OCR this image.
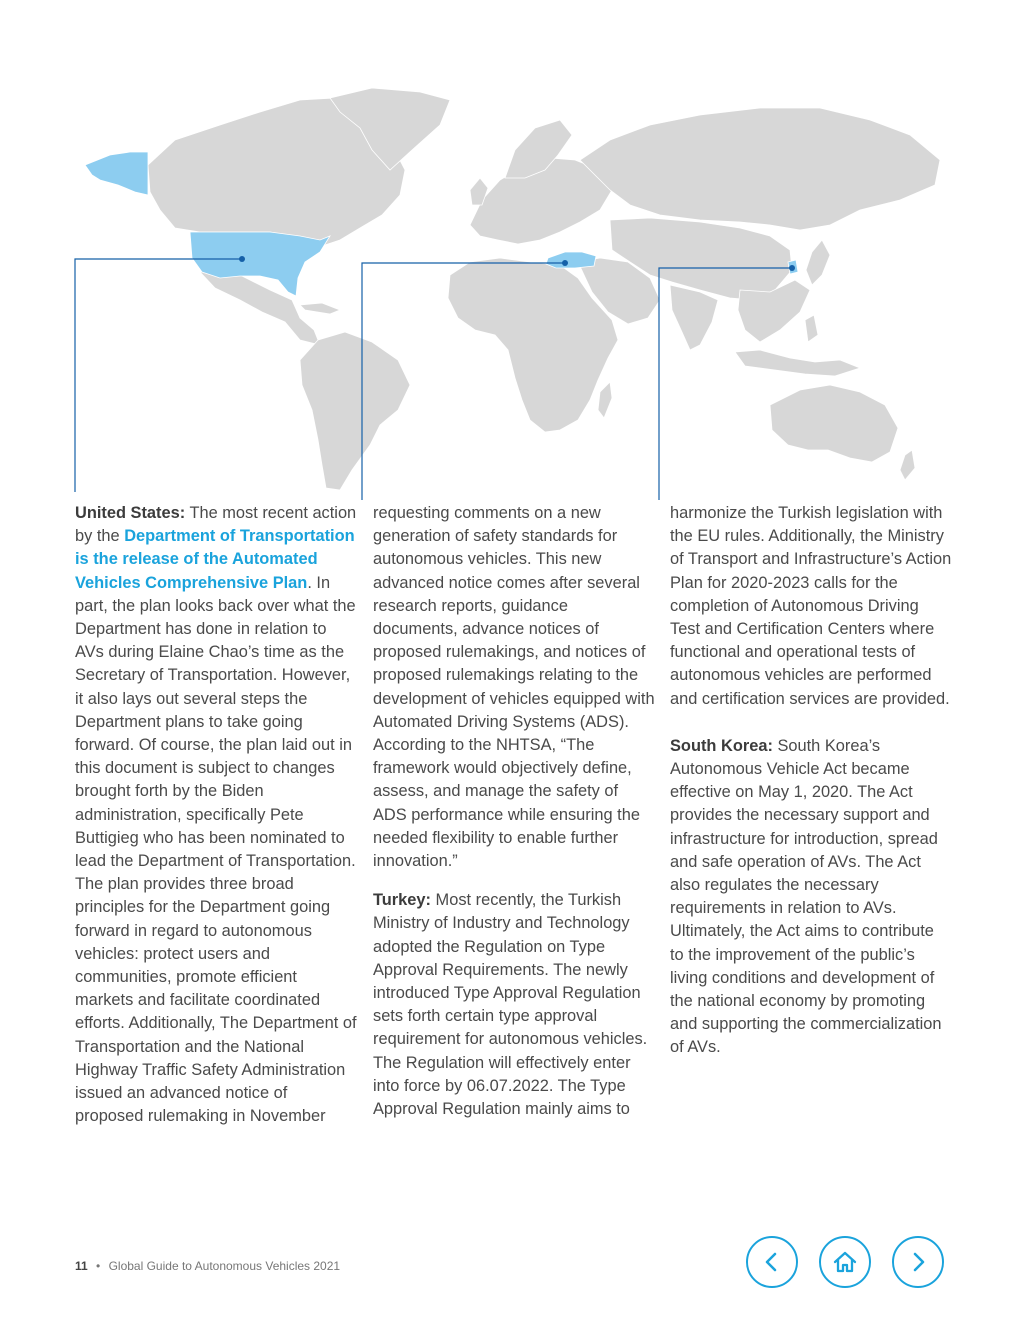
United States: The most recent action by the Department of Transportation is the release of the Automated Vehicles Comprehensive Plan. In part, the plan looks back over what the Department has done in relation to AVs during Elaine Chao’s time as the Secretary of Transportation. However, it also lays out several steps the Department plans to take going forward. Of course, the plan laid out in this document is subject to changes brought forth by the Biden administration, specifically Pete Buttigieg who has been nominated to lead the Department of Transportation. The plan provides three broad principles for the Department going forward in regard to autonomous vehicles: protect users and communities, promote efficient markets and facilitate coordinated efforts. Additionally, The Department of Transportation and the National Highway Traffic Safety Administration issued an advanced notice of proposed rulemaking in November

requesting comments on a new generation of safety standards for autonomous vehicles. This new advanced notice comes after several research reports, guidance documents, advance notices of proposed rulemakings, and notices of proposed rulemakings relating to the development of vehicles equipped with Automated Driving Systems (ADS). According to the NHTSA, “The framework would objectively define, assess, and manage the safety of ADS performance while ensuring the needed flexibility to enable further innovation.”

Turkey: Most recently, the Turkish Ministry of Industry and Technology adopted the Regulation on Type Approval Requirements. The newly introduced Type Approval Regulation sets forth certain type approval requirement for autonomous vehicles. The Regulation will effectively enter into force by 06.07.2022. The Type Approval Regulation mainly aims to

harmonize the Turkish legislation with the EU rules. Additionally, the Ministry of Transport and Infrastructure’s Action Plan for 2020-2023 calls for the completion of Autonomous Driving Test and Certification Centers where functional and operational tests of autonomous vehicles are performed and certification services are provided.

South Korea: South Korea’s Autonomous Vehicle Act became effective on May 1, 2020. The Act provides the necessary support and infrastructure for introduction, spread and safe operation of AVs. The Act also regulates the necessary requirements in relation to AVs. Ultimately, the Act aims to contribute to the improvement of the public’s living conditions and development of the national economy by promoting and supporting the commercialization of AVs.

11 • Global Guide to Autonomous Vehicles 2021
